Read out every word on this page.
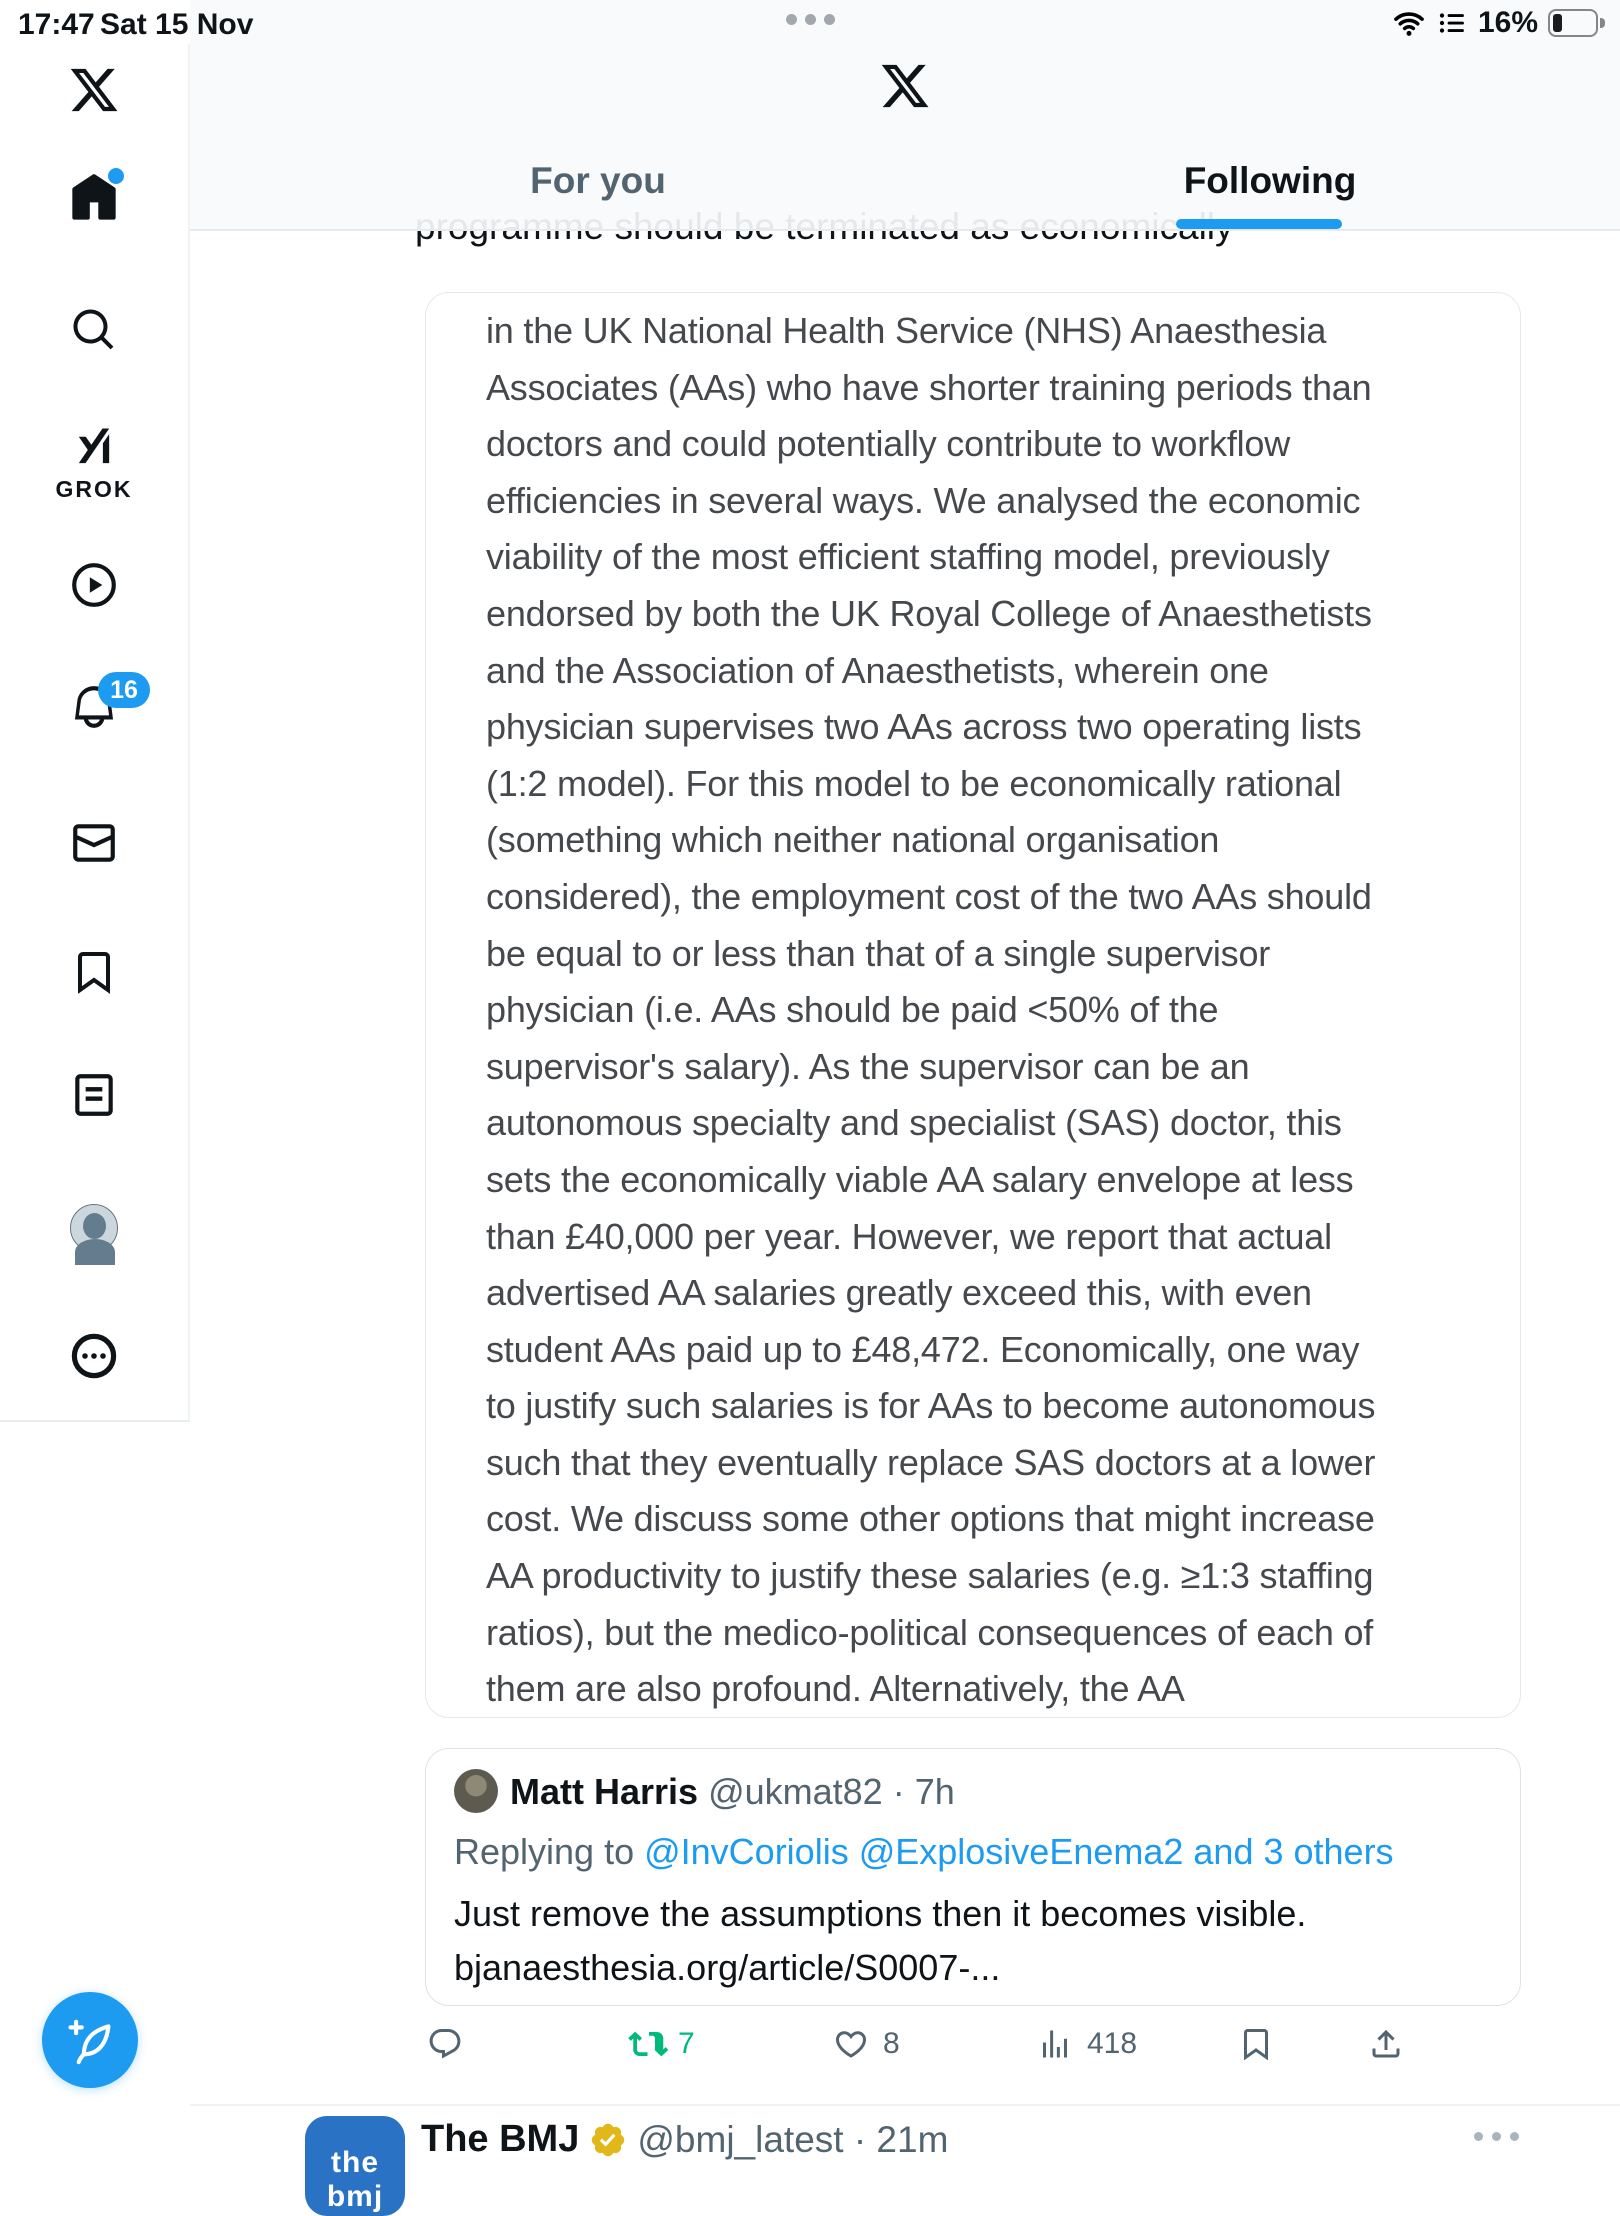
17:47 Sat 15 Nov	16%
For you	Following
GROK
16
in the UK National Health Service (NHS) Anaesthesia
Associates (AAs) who have shorter training periods than
doctors and could potentially contribute to workflow
efficiencies in several ways. We analysed the economic
viability of the most efficient staffing model, previously
endorsed by both the UK Royal College of Anaesthetists
and the Association of Anaesthetists, wherein one
physician supervises two AAs across two operating lists
(1:2 model). For this model to be economically rational
(something which neither national organisation
considered), the employment cost of the two AAs should
be equal to or less than that of a single supervisor
physician (i.e. AAs should be paid <50% of the
supervisor's salary). As the supervisor can be an
autonomous specialty and specialist (SAS) doctor, this
sets the economically viable AA salary envelope at less
than £40,000 per year. However, we report that actual
advertised AA salaries greatly exceed this, with even
student AAs paid up to £48,472. Economically, one way
to justify such salaries is for AAs to become autonomous
such that they eventually replace SAS doctors at a lower
cost. We discuss some other options that might increase
AA productivity to justify these salaries (e.g. ≥1:3 staffing
ratios), but the medico-political consequences of each of
them are also profound. Alternatively, the AA
Matt Harris @ukmat82 · 7h
Replying to @InvCoriolis @ExplosiveEnema2 and 3 others
Just remove the assumptions then it becomes visible.
bjanaesthesia.org/article/S0007-...
7	8	418
the bmj
The BMJ @bmj_latest · 21m
